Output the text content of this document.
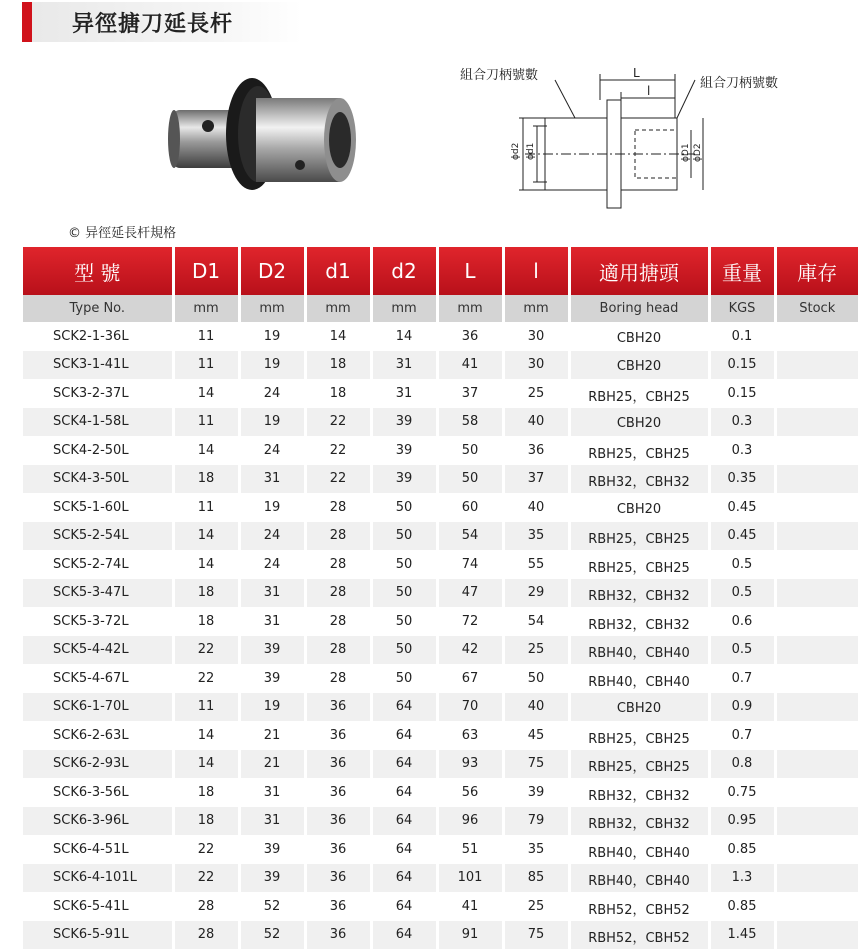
异徑搪刀延長杆
組合刀柄號數
組合刀柄號數
L
l
ϕd2 ϕd1	ϕD1 ϕD2
© 异徑延長杆規格
型 號	D1	D2	d1	d2	L	l	適用搪頭	重量	庫存
Type No.	mm	mm	mm	mm	mm	mm	Boring head	KGS	Stock
SCK2-1-36L	11	19	14	14	36	30	CBH20	0.1	
SCK3-1-41L	11	19	18	31	41	30	CBH20	0.15	
SCK3-2-37L	14	24	18	31	37	25	RBH25，CBH25	0.15	
SCK4-1-58L	11	19	22	39	58	40	CBH20	0.3	
SCK4-2-50L	14	24	22	39	50	36	RBH25，CBH25	0.3	
SCK4-3-50L	18	31	22	39	50	37	RBH32，CBH32	0.35	
SCK5-1-60L	11	19	28	50	60	40	CBH20	0.45	
SCK5-2-54L	14	24	28	50	54	35	RBH25，CBH25	0.45	
SCK5-2-74L	14	24	28	50	74	55	RBH25，CBH25	0.5	
SCK5-3-47L	18	31	28	50	47	29	RBH32，CBH32	0.5	
SCK5-3-72L	18	31	28	50	72	54	RBH32，CBH32	0.6	
SCK5-4-42L	22	39	28	50	42	25	RBH40，CBH40	0.5	
SCK5-4-67L	22	39	28	50	67	50	RBH40，CBH40	0.7	
SCK6-1-70L	11	19	36	64	70	40	CBH20	0.9	
SCK6-2-63L	14	21	36	64	63	45	RBH25，CBH25	0.7	
SCK6-2-93L	14	21	36	64	93	75	RBH25，CBH25	0.8	
SCK6-3-56L	18	31	36	64	56	39	RBH32，CBH32	0.75	
SCK6-3-96L	18	31	36	64	96	79	RBH32，CBH32	0.95	
SCK6-4-51L	22	39	36	64	51	35	RBH40，CBH40	0.85	
SCK6-4-101L	22	39	36	64	101	85	RBH40，CBH40	1.3	
SCK6-5-41L	28	52	36	64	41	25	RBH52，CBH52	0.85	
SCK6-5-91L	28	52	36	64	91	75	RBH52，CBH52	1.45	
